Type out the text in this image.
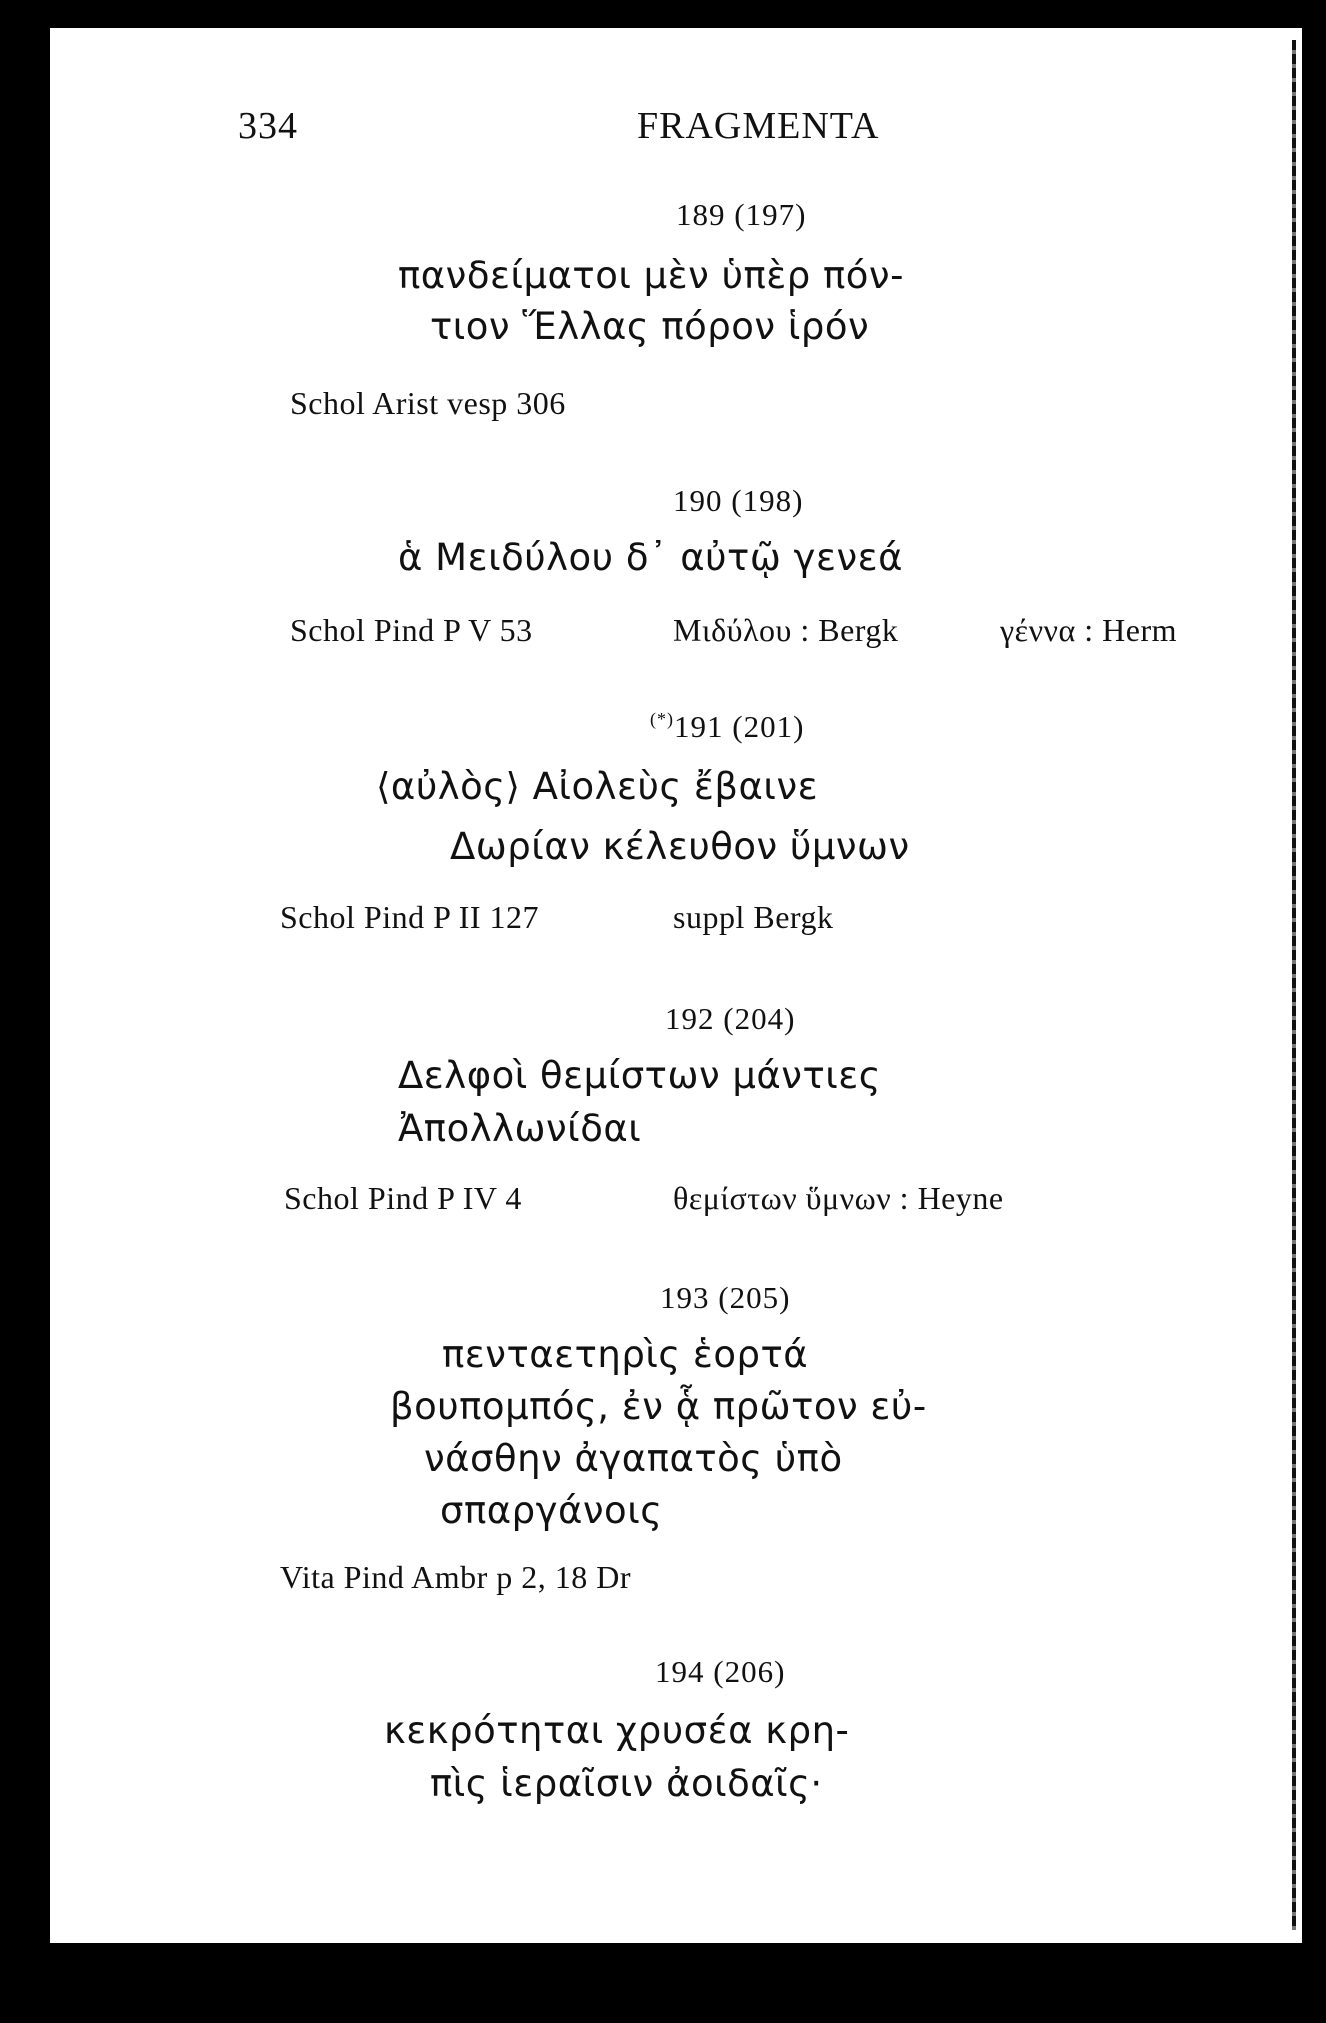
334	FRAGMENTA
189 (197)
πανδείματοι μὲν ὑπὲρ πόν-
τιον Ἕλλας πόρον ἱρόν
Schol Arist vesp 306
190 (198)
ἁ Μειδύλου δ᾽ αὐτῷ γενεά
Schol Pind P V 53	Μιδύλου : Bergk	γέννα : Herm
(*)191 (201)
⟨αὐλὸς⟩ Αἰολεὺς ἔβαινε
Δωρίαν κέλευθον ὕμνων
Schol Pind P II 127	suppl Bergk
192 (204)
Δελφοὶ θεμίστων μάντιες
Ἀπολλωνίδαι
Schol Pind P IV 4	θεμίστων ὕμνων : Heyne
193 (205)
πενταετηρὶς ἑορτά
βουπομπός, ἐν ᾇ πρῶτον εὐ-
νάσθην ἀγαπατὸς ὑπὸ
σπαργάνοις
Vita Pind Ambr p 2, 18 Dr
194 (206)
κεκρότηται χρυσέα κρη-
πὶς ἱεραῖσιν ἀοιδαῖς·
